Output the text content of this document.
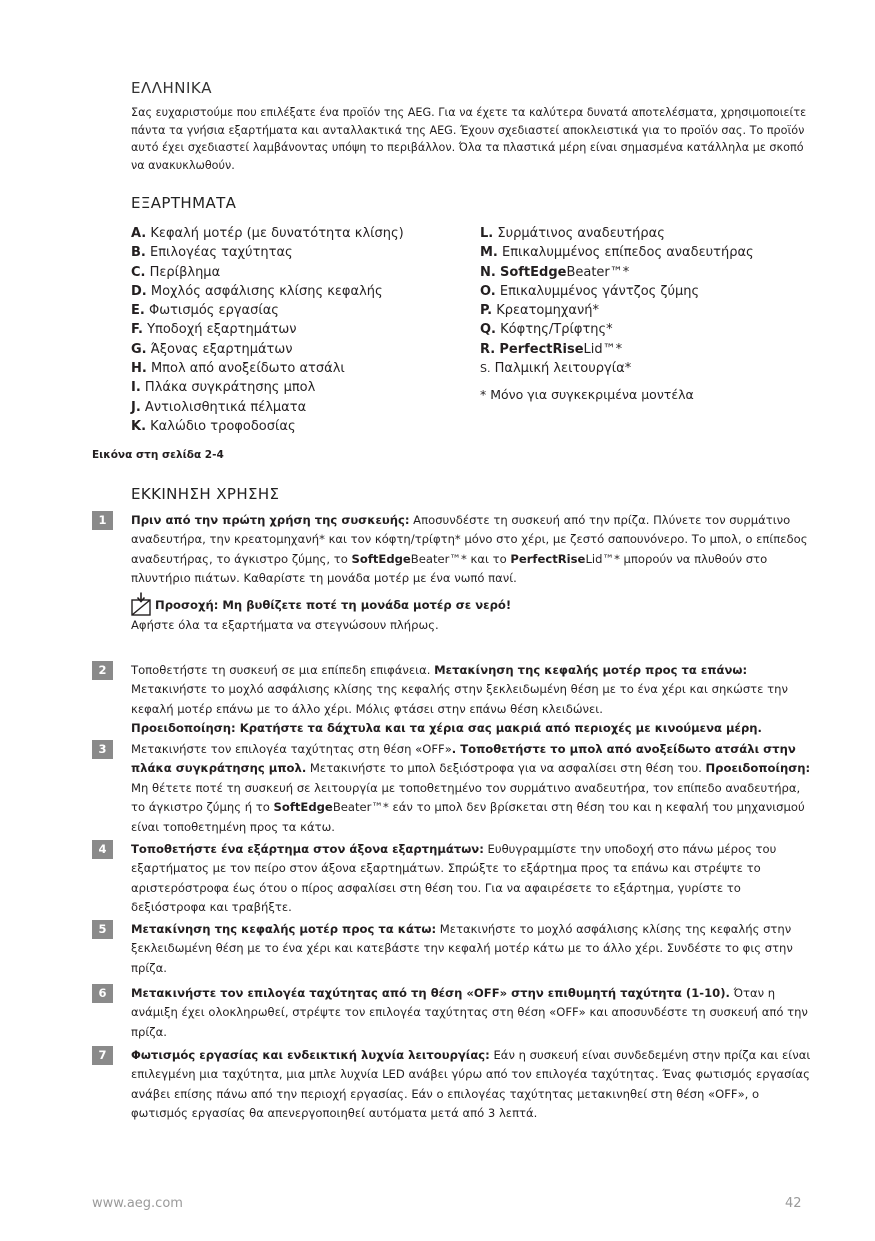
ΕΛΛΗΝΙΚΑ

Σας ευχαριστούμε που επιλέξατε ένα προϊόν της AEG. Για να έχετε τα καλύτερα δυνατά αποτελέσματα, χρησιμοποιείτε πάντα τα γνήσια εξαρτήματα και ανταλλακτικά της AEG. Έχουν σχεδιαστεί αποκλειστικά για το προϊόν σας. Το προϊόν αυτό έχει σχεδιαστεί λαμβάνοντας υπόψη το περιβάλλον. Όλα τα πλαστικά μέρη είναι σημασμένα κατάλληλα με σκοπό να ανακυκλωθούν.

ΕΞΑΡΤΗΜΑΤΑ
A. Κεφαλή μοτέρ (με δυνατότητα κλίσης)
B. Επιλογέας ταχύτητας
C. Περίβλημα
D. Μοχλός ασφάλισης κλίσης κεφαλής
E. Φωτισμός εργασίας
F. Υποδοχή εξαρτημάτων
G. Άξονας εξαρτημάτων
H. Μπολ από ανοξείδωτο ατσάλι
I. Πλάκα συγκράτησης μπολ
J. Αντιολισθητικά πέλματα
K. Καλώδιο τροφοδοσίας
L. Συρμάτινος αναδευτήρας
M. Επικαλυμμένος επίπεδος αναδευτήρας
N. SoftEdgeBeater™*
O. Επικαλυμμένος γάντζος ζύμης
P. Κρεατομηχανή*
Q. Κόφτης/Τρίφτης*
R. PerfectRiseLid™*
S. Παλμική λειτουργία*
* Μόνο για συγκεκριμένα μοντέλα
Εικόνα στη σελίδα 2-4
ΕΚΚΙΝΗΣΗ ΧΡΗΣΗΣ
1	Πριν από την πρώτη χρήση της συσκευής: Αποσυνδέστε τη συσκευή από την πρίζα. Πλύνετε τον συρμάτινο αναδευτήρα, την κρεατομηχανή* και τον κόφτη/τρίφτη* μόνο στο χέρι, με ζεστό σαπουνόνερο. Το μπολ, ο επίπεδος αναδευτήρας, το άγκιστρο ζύμης, το SoftEdgeBeater™* και το PerfectRiseLid™* μπορούν να πλυθούν στο πλυντήριο πιάτων. Καθαρίστε τη μονάδα μοτέρ με ένα νωπό πανί.
Προσοχή: Μη βυθίζετε ποτέ τη μονάδα μοτέρ σε νερό!
Αφήστε όλα τα εξαρτήματα να στεγνώσουν πλήρως.
2	Τοποθετήστε τη συσκευή σε μια επίπεδη επιφάνεια. Μετακίνηση της κεφαλής μοτέρ προς τα επάνω: Μετακινήστε το μοχλό ασφάλισης κλίσης της κεφαλής στην ξεκλειδωμένη θέση με το ένα χέρι και σηκώστε την κεφαλή μοτέρ επάνω με το άλλο χέρι. Μόλις φτάσει στην επάνω θέση κλειδώνει.
Προειδοποίηση: Κρατήστε τα δάχτυλα και τα χέρια σας μακριά από περιοχές με κινούμενα μέρη.
3	Μετακινήστε τον επιλογέα ταχύτητας στη θέση «OFF». Τοποθετήστε το μπολ από ανοξείδωτο ατσάλι στην πλάκα συγκράτησης μπολ. Μετακινήστε το μπολ δεξιόστροφα για να ασφαλίσει στη θέση του. Προειδοποίηση: Μη θέτετε ποτέ τη συσκευή σε λειτουργία με τοποθετημένο τον συρμάτινο αναδευτήρα, τον επίπεδο αναδευτήρα, το άγκιστρο ζύμης ή το SoftEdgeBeater™* εάν το μπολ δεν βρίσκεται στη θέση του και η κεφαλή του μηχανισμού είναι τοποθετημένη προς τα κάτω.
4	Τοποθετήστε ένα εξάρτημα στον άξονα εξαρτημάτων: Ευθυγραμμίστε την υποδοχή στο πάνω μέρος του εξαρτήματος με τον πείρο στον άξονα εξαρτημάτων. Σπρώξτε το εξάρτημα προς τα επάνω και στρέψτε το αριστερόστροφα έως ότου ο πίρος ασφαλίσει στη θέση του. Για να αφαιρέσετε το εξάρτημα, γυρίστε το δεξιόστροφα και τραβήξτε.
5	Μετακίνηση της κεφαλής μοτέρ προς τα κάτω: Μετακινήστε το μοχλό ασφάλισης κλίσης της κεφαλής στην ξεκλειδωμένη θέση με το ένα χέρι και κατεβάστε την κεφαλή μοτέρ κάτω με το άλλο χέρι. Συνδέστε το φις στην πρίζα.
6	Μετακινήστε τον επιλογέα ταχύτητας από τη θέση «OFF» στην επιθυμητή ταχύτητα (1-10). Όταν η ανάμιξη έχει ολοκληρωθεί, στρέψτε τον επιλογέα ταχύτητας στη θέση «OFF» και αποσυνδέστε τη συσκευή από την πρίζα.
7	Φωτισμός εργασίας και ενδεικτική λυχνία λειτουργίας: Εάν η συσκευή είναι συνδεδεμένη στην πρίζα και είναι επιλεγμένη μια ταχύτητα, μια μπλε λυχνία LED ανάβει γύρω από τον επιλογέα ταχύτητας. Ένας φωτισμός εργασίας ανάβει επίσης πάνω από την περιοχή εργασίας. Εάν ο επιλογέας ταχύτητας μετακινηθεί στη θέση «OFF», ο φωτισμός εργασίας θα απενεργοποιηθεί αυτόματα μετά από 3 λεπτά.
www.aeg.com	42
